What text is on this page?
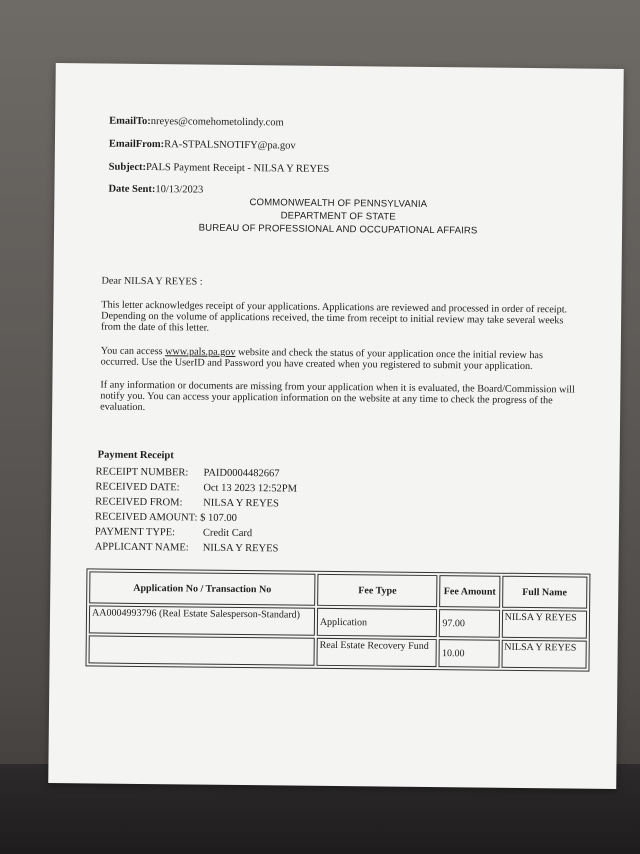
EmailTo:nreyes@comehometolindy.com
EmailFrom:RA-STPALSNOTIFY@pa.gov
Subject:PALS Payment Receipt - NILSA Y REYES
Date Sent:10/13/2023
COMMONWEALTH OF PENNSYLVANIA
DEPARTMENT OF STATE
BUREAU OF PROFESSIONAL AND OCCUPATIONAL AFFAIRS
Dear NILSA Y REYES :
This letter acknowledges receipt of your applications. Applications are reviewed and processed in order of receipt. Depending on the volume of applications received, the time from receipt to initial review may take several weeks from the date of this letter.
You can access www.pals.pa.gov website and check the status of your application once the initial review has occurred. Use the UserID and Password you have created when you registered to submit your application.
If any information or documents are missing from your application when it is evaluated, the Board/Commission will notify you. You can access your application information on the website at any time to check the progress of the evaluation.
Payment Receipt
RECEIPT NUMBER: PAID0004482667
RECEIVED DATE: Oct 13 2023 12:52PM
RECEIVED FROM: NILSA Y REYES
RECEIVED AMOUNT: $ 107.00
PAYMENT TYPE:	Credit Card
APPLICANT NAME: NILSA Y REYES
Application No / Transaction No	Fee Type	Fee Amount	Full Name
AA0004993796 (Real Estate Salesperson-Standard)	Application	97.00	NILSA Y REYES
	Real Estate Recovery Fund	10.00	NILSA Y REYES
